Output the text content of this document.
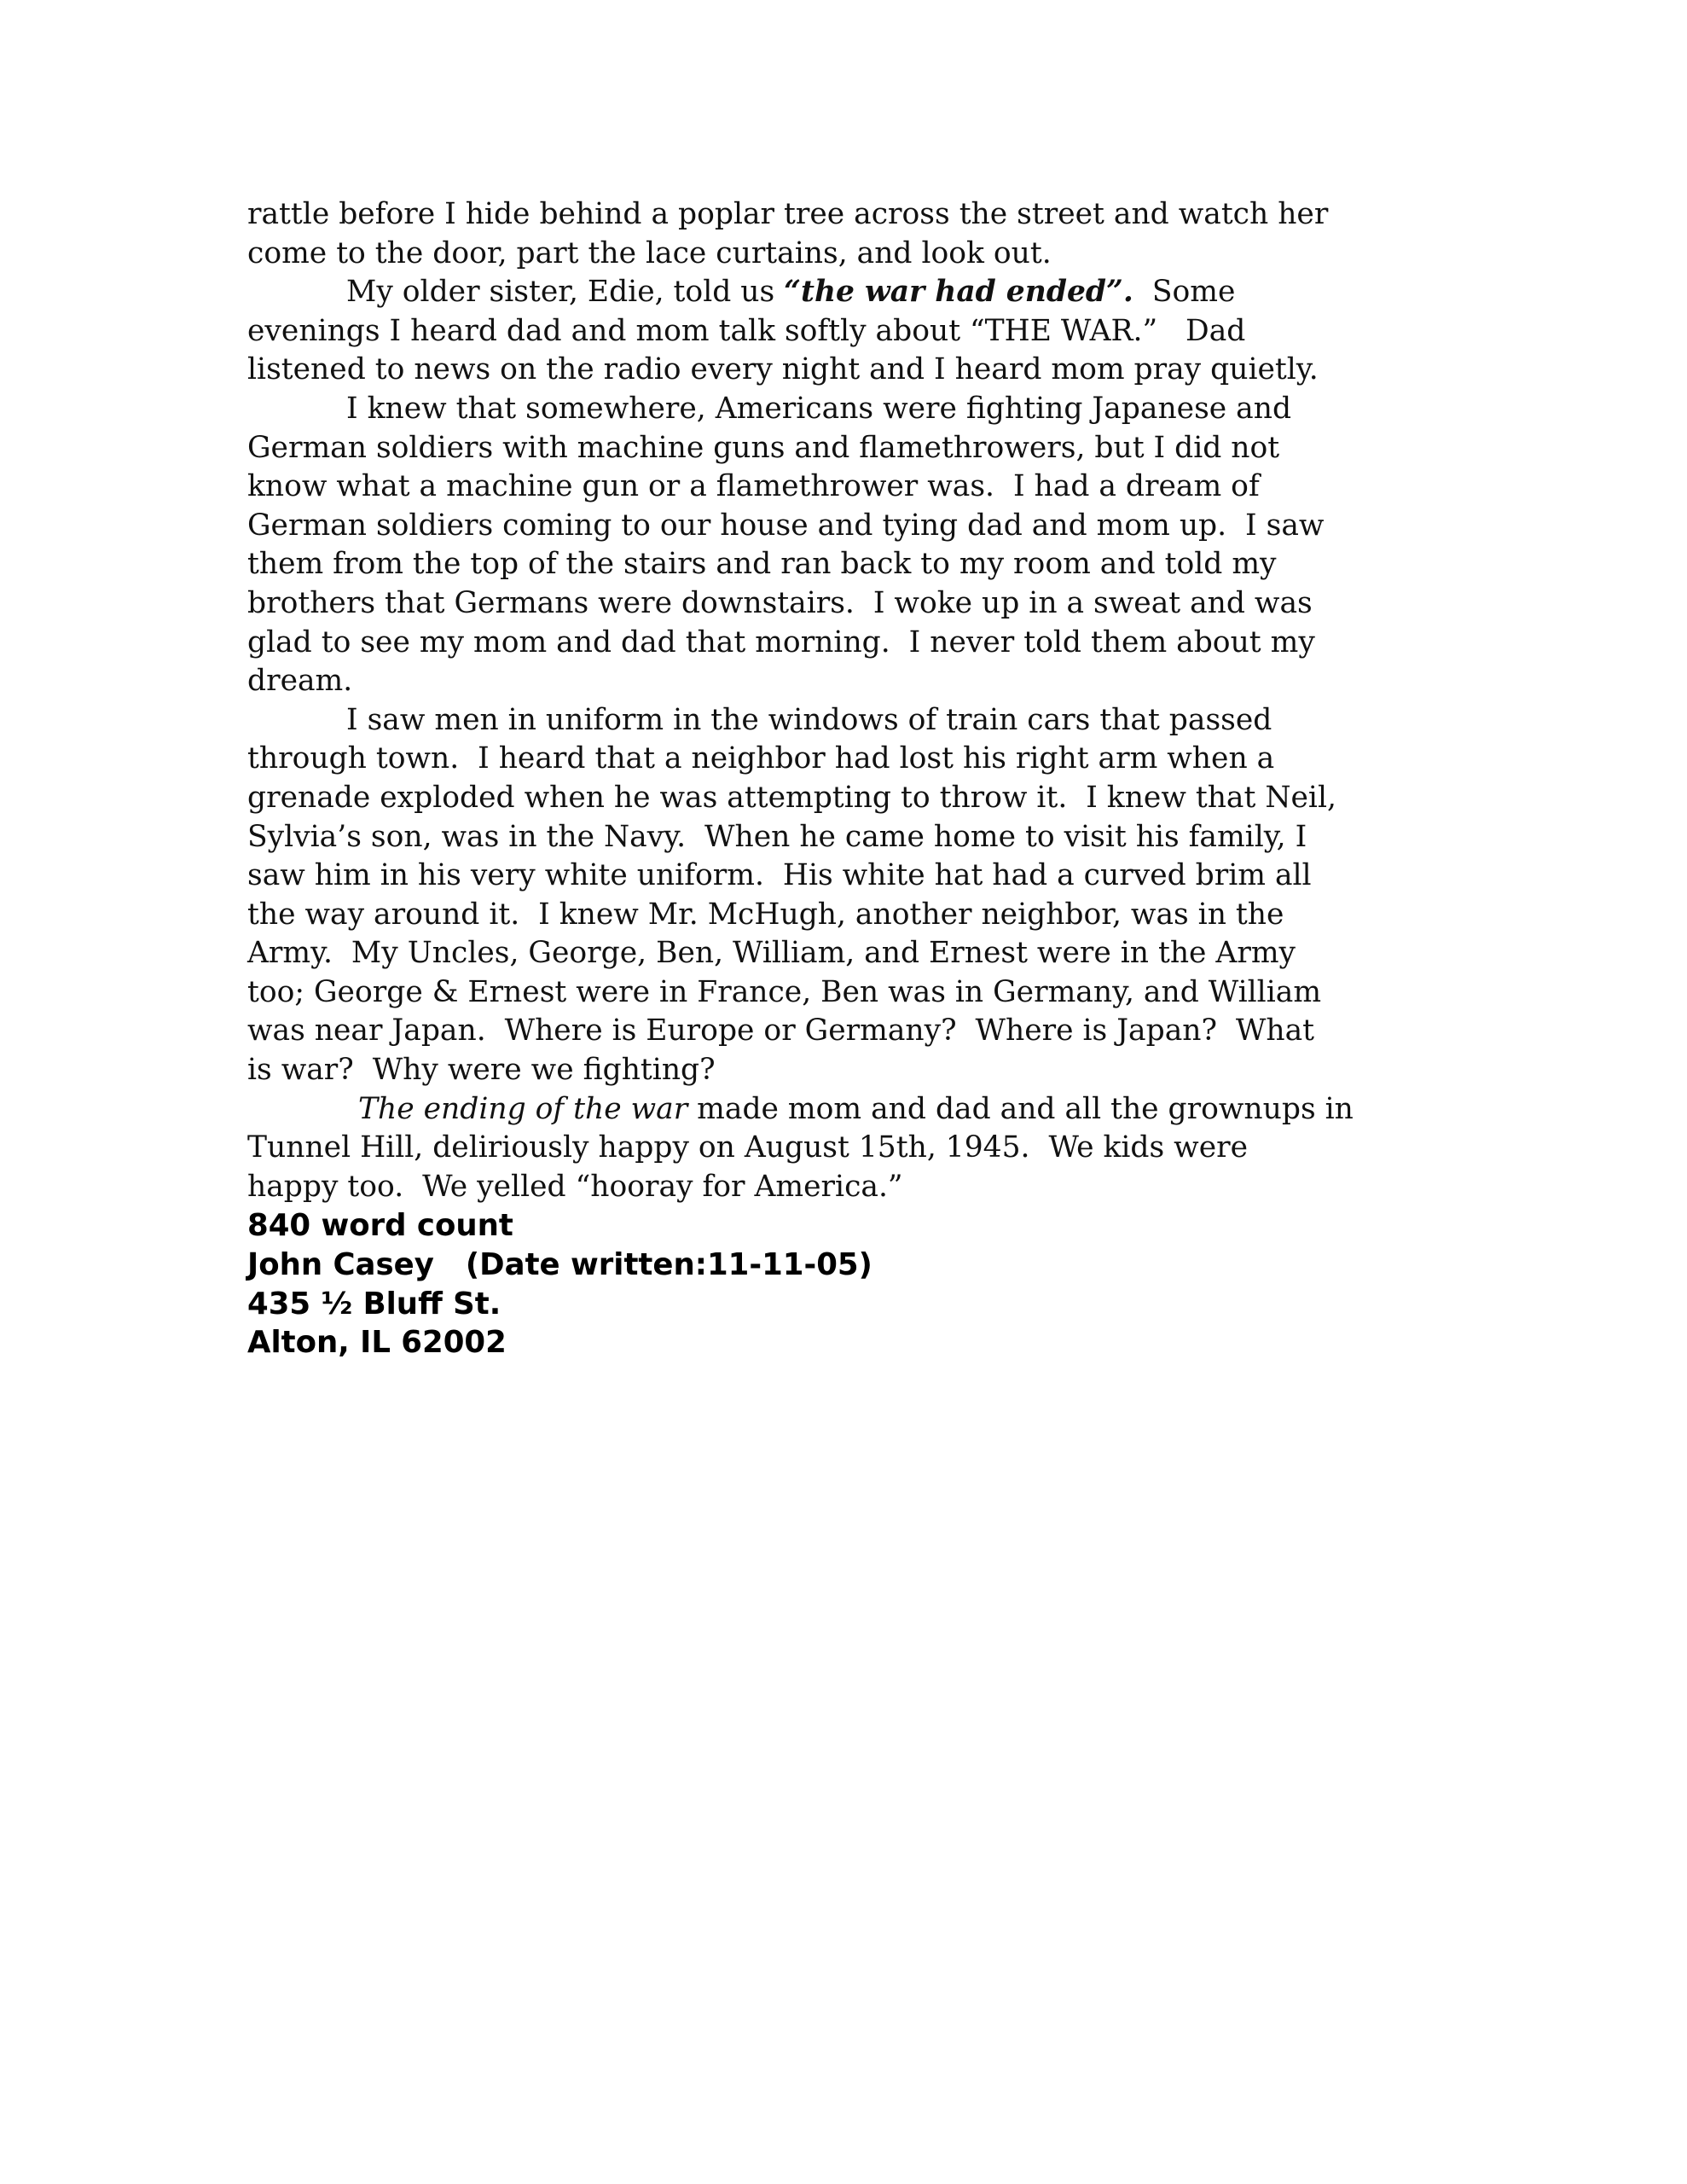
rattle before I hide behind a poplar tree across the street and watch her
come to the door, part the lace curtains, and look out.
My older sister, Edie, told us “the war had ended”.  Some
evenings I heard dad and mom talk softly about “THE WAR.”   Dad
listened to news on the radio every night and I heard mom pray quietly.
I knew that somewhere, Americans were fighting Japanese and
German soldiers with machine guns and flamethrowers, but I did not
know what a machine gun or a flamethrower was.  I had a dream of
German soldiers coming to our house and tying dad and mom up.  I saw
them from the top of the stairs and ran back to my room and told my
brothers that Germans were downstairs.  I woke up in a sweat and was
glad to see my mom and dad that morning.  I never told them about my
dream.
I saw men in uniform in the windows of train cars that passed
through town.  I heard that a neighbor had lost his right arm when a
grenade exploded when he was attempting to throw it.  I knew that Neil,
Sylvia’s son, was in the Navy.  When he came home to visit his family, I
saw him in his very white uniform.  His white hat had a curved brim all
the way around it.  I knew Mr. McHugh, another neighbor, was in the
Army.  My Uncles, George, Ben, William, and Ernest were in the Army
too; George & Ernest were in France, Ben was in Germany, and William
was near Japan.  Where is Europe or Germany?  Where is Japan?  What
is war?  Why were we fighting?
The ending of the war made mom and dad and all the grownups in
Tunnel Hill, deliriously happy on August 15th, 1945.  We kids were
happy too.  We yelled “hooray for America.”
840 word count
John Casey   (Date written:11-11-05)
435 ½ Bluff St.
Alton, IL 62002
